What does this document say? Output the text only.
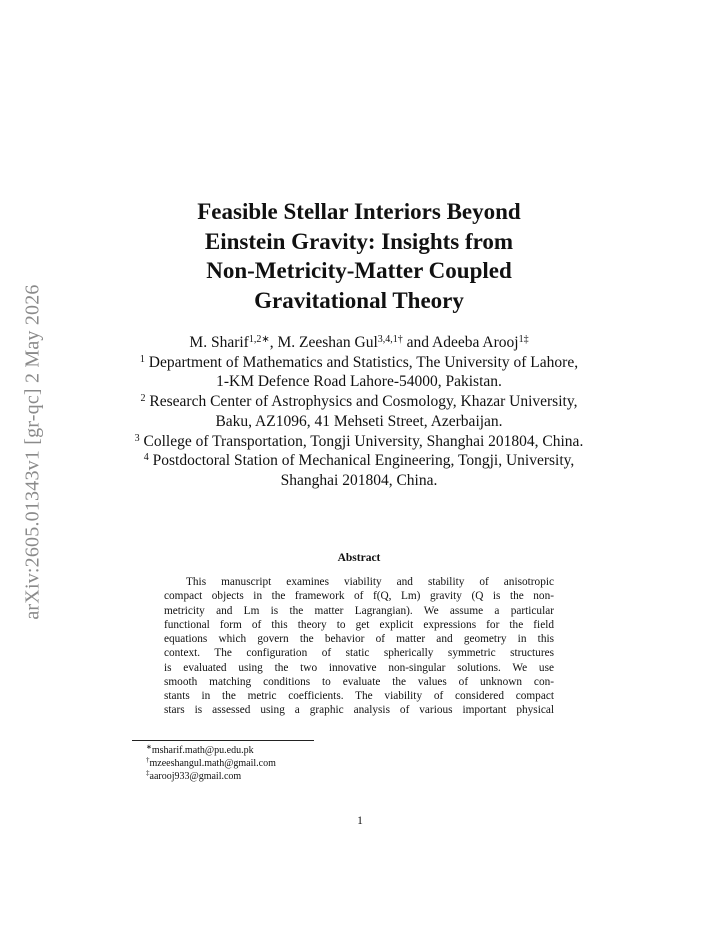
arXiv:2605.01343v1 [gr-qc] 2 May 2026
Feasible Stellar Interiors Beyond
Einstein Gravity: Insights from
Non-Metricity-Matter Coupled
Gravitational Theory
M. Sharif$^{1,2∗}$, M. Zeeshan Gul$^{3,4,1\dagger}$ and Adeeba Arooj$^{1\ddagger}$
$^1$ Department of Mathematics and Statistics, The University of Lahore,
1-KM Defence Road Lahore-54000, Pakistan.
$^2$ Research Center of Astrophysics and Cosmology, Khazar University,
Baku, AZ1096, 41 Mehseti Street, Azerbaijan.
$^3$ College of Transportation, Tongji University, Shanghai 201804, China.
$^4$ Postdoctoral Station of Mechanical Engineering, Tongji, University,
Shanghai 201804, China.
Abstract
This manuscript examines viability and stability of anisotropic
compact objects in the framework of f(Q, Lm) gravity (Q is the non-
metricity and Lm is the matter Lagrangian). We assume a particular
functional form of this theory to get explicit expressions for the field
equations which govern the behavior of matter and geometry in this
context. The configuration of static spherically symmetric structures
is evaluated using the two innovative non-singular solutions. We use
smooth matching conditions to evaluate the values of unknown con-
stants in the metric coefficients. The viability of considered compact
stars is assessed using a graphic analysis of various important physical
∗msharif.math@pu.edu.pk
†mzeeshangul.math@gmail.com
‡aarooj933@gmail.com
1
